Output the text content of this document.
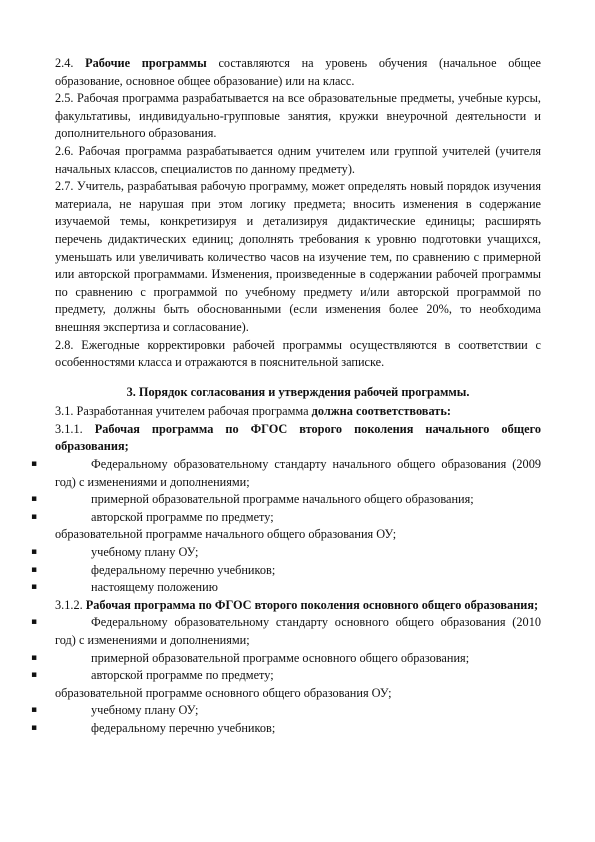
2.4. Рабочие программы составляются на уровень обучения (начальное общее образование, основное общее образование) или на класс.

2.5. Рабочая программа разрабатывается на все образовательные предметы, учебные курсы, факультативы, индивидуально-групповые занятия, кружки внеурочной деятельности и дополнительного образования.

2.6. Рабочая программа разрабатывается одним учителем или группой учителей (учителя начальных классов, специалистов по данному предмету).

2.7. Учитель, разрабатывая рабочую программу, может определять новый порядок изучения материала, не нарушая при этом логику предмета; вносить изменения в содержание изучаемой темы, конкретизируя и детализируя дидактические единицы; расширять перечень дидактических единиц; дополнять требования к уровню подготовки учащихся, уменьшать или увеличивать количество часов на изучение тем, по сравнению с примерной или авторской программами. Изменения, произведенные в содержании рабочей программы по сравнению с программой по учебному предмету и/или авторской программой по предмету, должны быть обоснованными (если изменения более 20%, то необходима внешняя экспертиза и согласование).

2.8. Ежегодные корректировки рабочей программы осуществляются в соответствии с особенностями класса и отражаются в пояснительной записке.

3. Порядок согласования и утверждения рабочей программы.

3.1. Разработанная учителем рабочая программа должна соответствовать:

3.1.1. Рабочая программа по ФГОС второго поколения начального общего образования;

▪	Федеральному образовательному стандарту начального общего образования (2009 год) с изменениями и дополнениями;

▪	примерной образовательной программе начального общего образования;

▪	авторской программе по предмету;

образовательной программе начального общего образования ОУ;

▪	учебному плану ОУ;

▪	федеральному перечню учебников;

▪	настоящему положению

3.1.2. Рабочая программа по ФГОС второго поколения основного общего образования;

▪	Федеральному образовательному стандарту основного общего образования (2010 год) с изменениями и дополнениями;

▪	примерной образовательной программе основного общего образования;

▪	авторской программе по предмету;

образовательной программе основного общего образования ОУ;

▪	учебному плану ОУ;

▪	федеральному перечню учебников;
